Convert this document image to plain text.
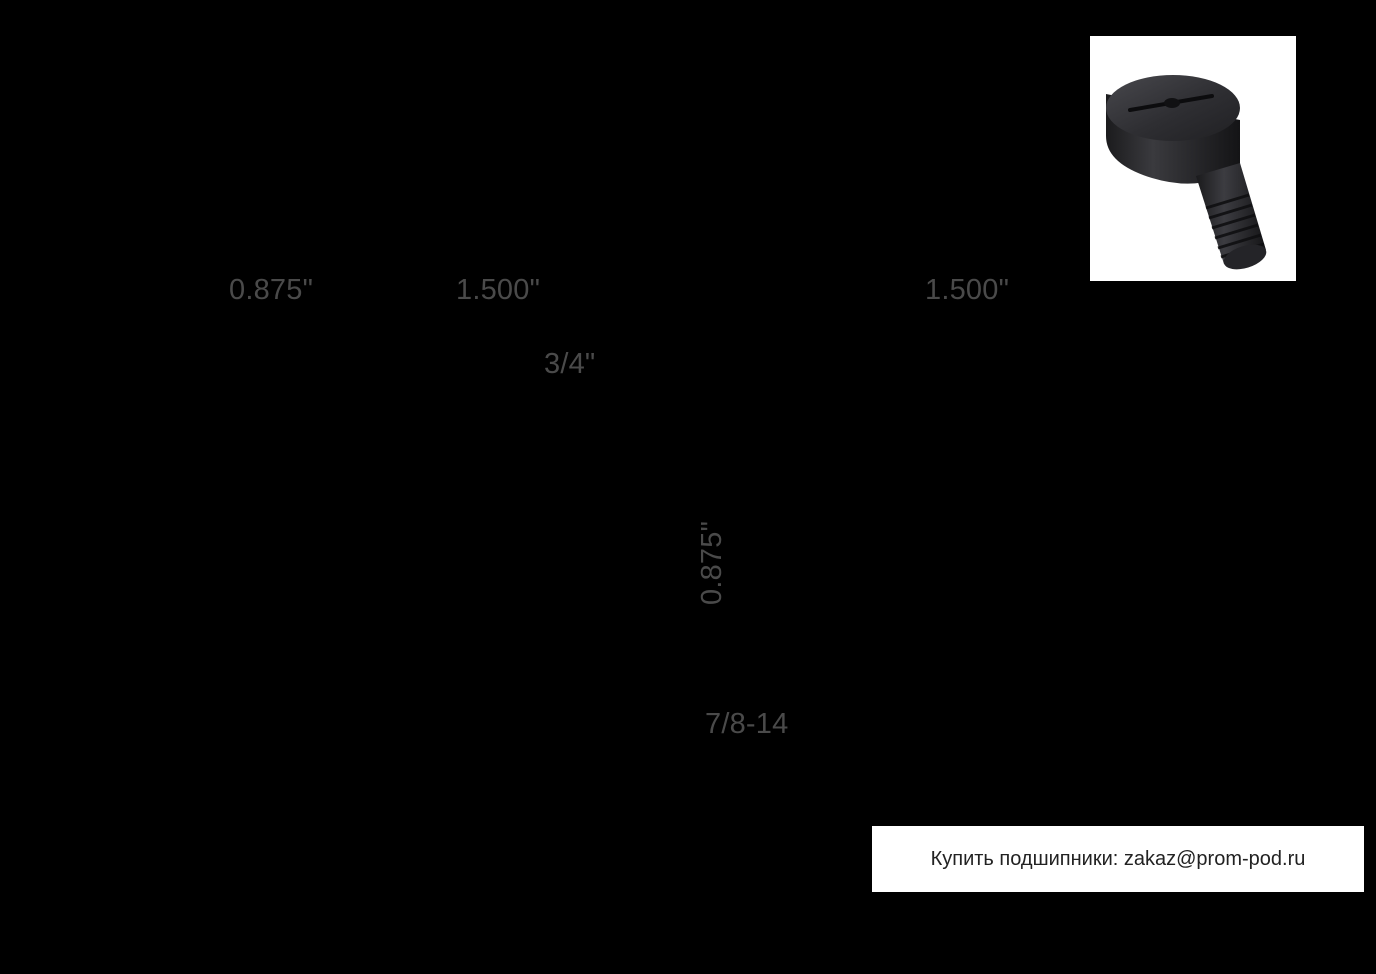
0.875"	1.500"	1.500"
3/4"
0.875"
7/8-14
Купить подшипники: zakaz@prom-pod.ru
